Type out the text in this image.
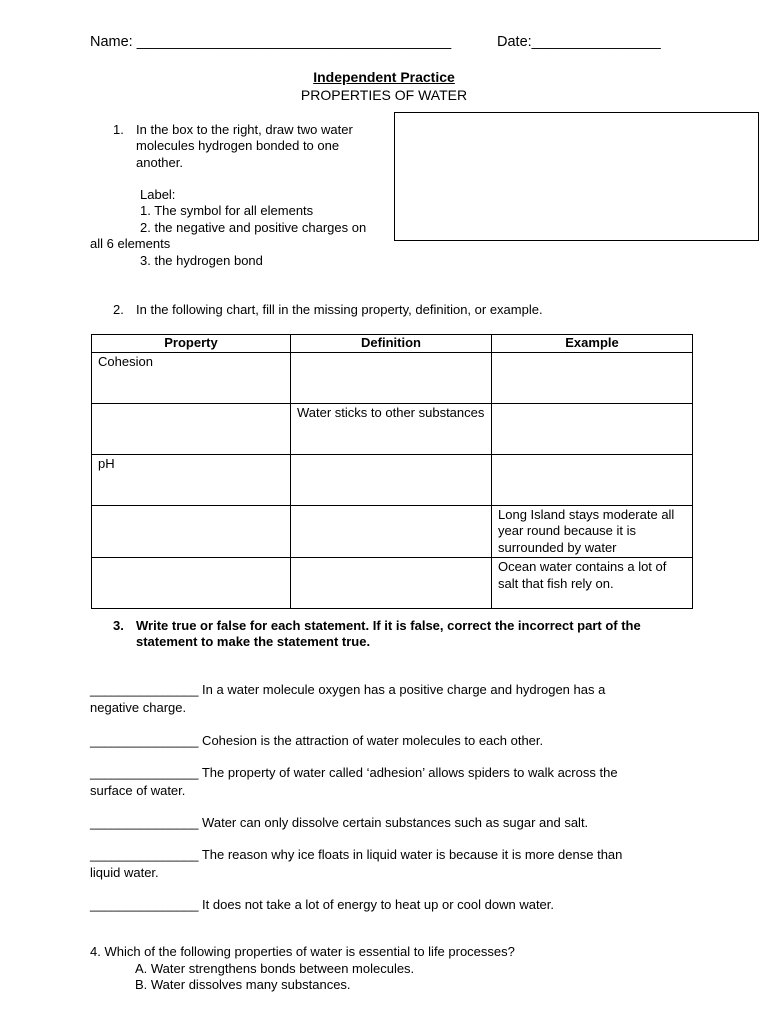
Name: _______________________________________	Date:________________
Independent Practice
PROPERTIES OF WATER
1. In the box to the right, draw two water
molecules hydrogen bonded to one
another.
Label:
1. The symbol for all elements
2. the negative and positive charges on
all 6 elements
3. the hydrogen bond
2. In the following chart, fill in the missing property, definition, or example.
Property	Definition	Example
Cohesion		
	Water sticks to other substances	
pH		
		Long Island stays moderate all year round because it is surrounded by water
		Ocean water contains a lot of salt that fish rely on.
3. Write true or false for each statement. If it is false, correct the incorrect part of the
statement to make the statement true.
_______________ In a water molecule oxygen has a positive charge and hydrogen has a
negative charge.
_______________ Cohesion is the attraction of water molecules to each other.
_______________ The property of water called ‘adhesion’ allows spiders to walk across the
surface of water.
_______________ Water can only dissolve certain substances such as sugar and salt.
_______________ The reason why ice floats in liquid water is because it is more dense than
liquid water.
_______________ It does not take a lot of energy to heat up or cool down water.
4. Which of the following properties of water is essential to life processes?
A. Water strengthens bonds between molecules.
B. Water dissolves many substances.
